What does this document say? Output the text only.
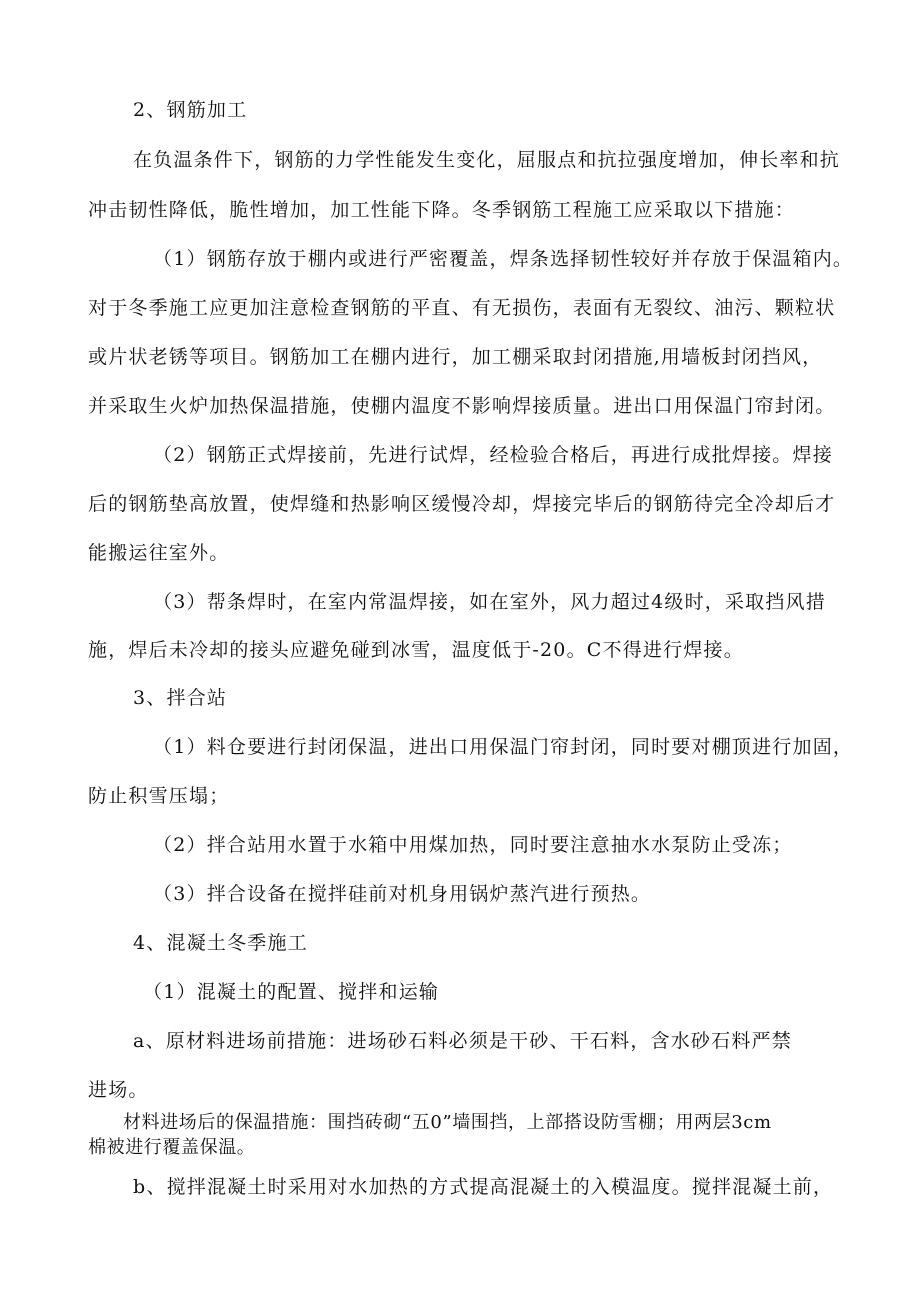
2、钢筋加工
在负温条件下，钢筋的力学性能发生变化，屈服点和抗拉强度增加，伸长率和抗
冲击韧性降低，脆性增加，加工性能下降。冬季钢筋工程施工应采取以下措施：
（1）钢筋存放于棚内或进行严密覆盖，焊条选择韧性较好并存放于保温箱内。
对于冬季施工应更加注意检查钢筋的平直、有无损伤，表面有无裂纹、油污、颗粒状
或片状老锈等项目。钢筋加工在棚内进行，加工棚采取封闭措施,用墙板封闭挡风，
并采取生火炉加热保温措施，使棚内温度不影响焊接质量。进出口用保温门帘封闭。
（2）钢筋正式焊接前，先进行试焊，经检验合格后，再进行成批焊接。焊接
后的钢筋垫高放置，使焊缝和热影响区缓慢冷却，焊接完毕后的钢筋待完全冷却后才
能搬运往室外。
（3）帮条焊时，在室内常温焊接，如在室外，风力超过4级时，采取挡风措
施，焊后未冷却的接头应避免碰到冰雪，温度低于-20。C不得进行焊接。
3、拌合站
（1）料仓要进行封闭保温，进出口用保温门帘封闭，同时要对棚顶进行加固，
防止积雪压塌；
（2）拌合站用水置于水箱中用煤加热，同时要注意抽水水泵防止受冻；
（3）拌合设备在搅拌硅前对机身用锅炉蒸汽进行预热。
4、混凝土冬季施工
（1）混凝土的配置、搅拌和运输
a、原材料进场前措施：进场砂石料必须是干砂、干石料，含水砂石料严禁
进场。
材料进场后的保温措施：围挡砖砌“五0”墙围挡，上部搭设防雪棚；用两层3cm
棉被进行覆盖保温。
b、搅拌混凝土时采用对水加热的方式提高混凝土的入模温度。搅拌混凝土前，
